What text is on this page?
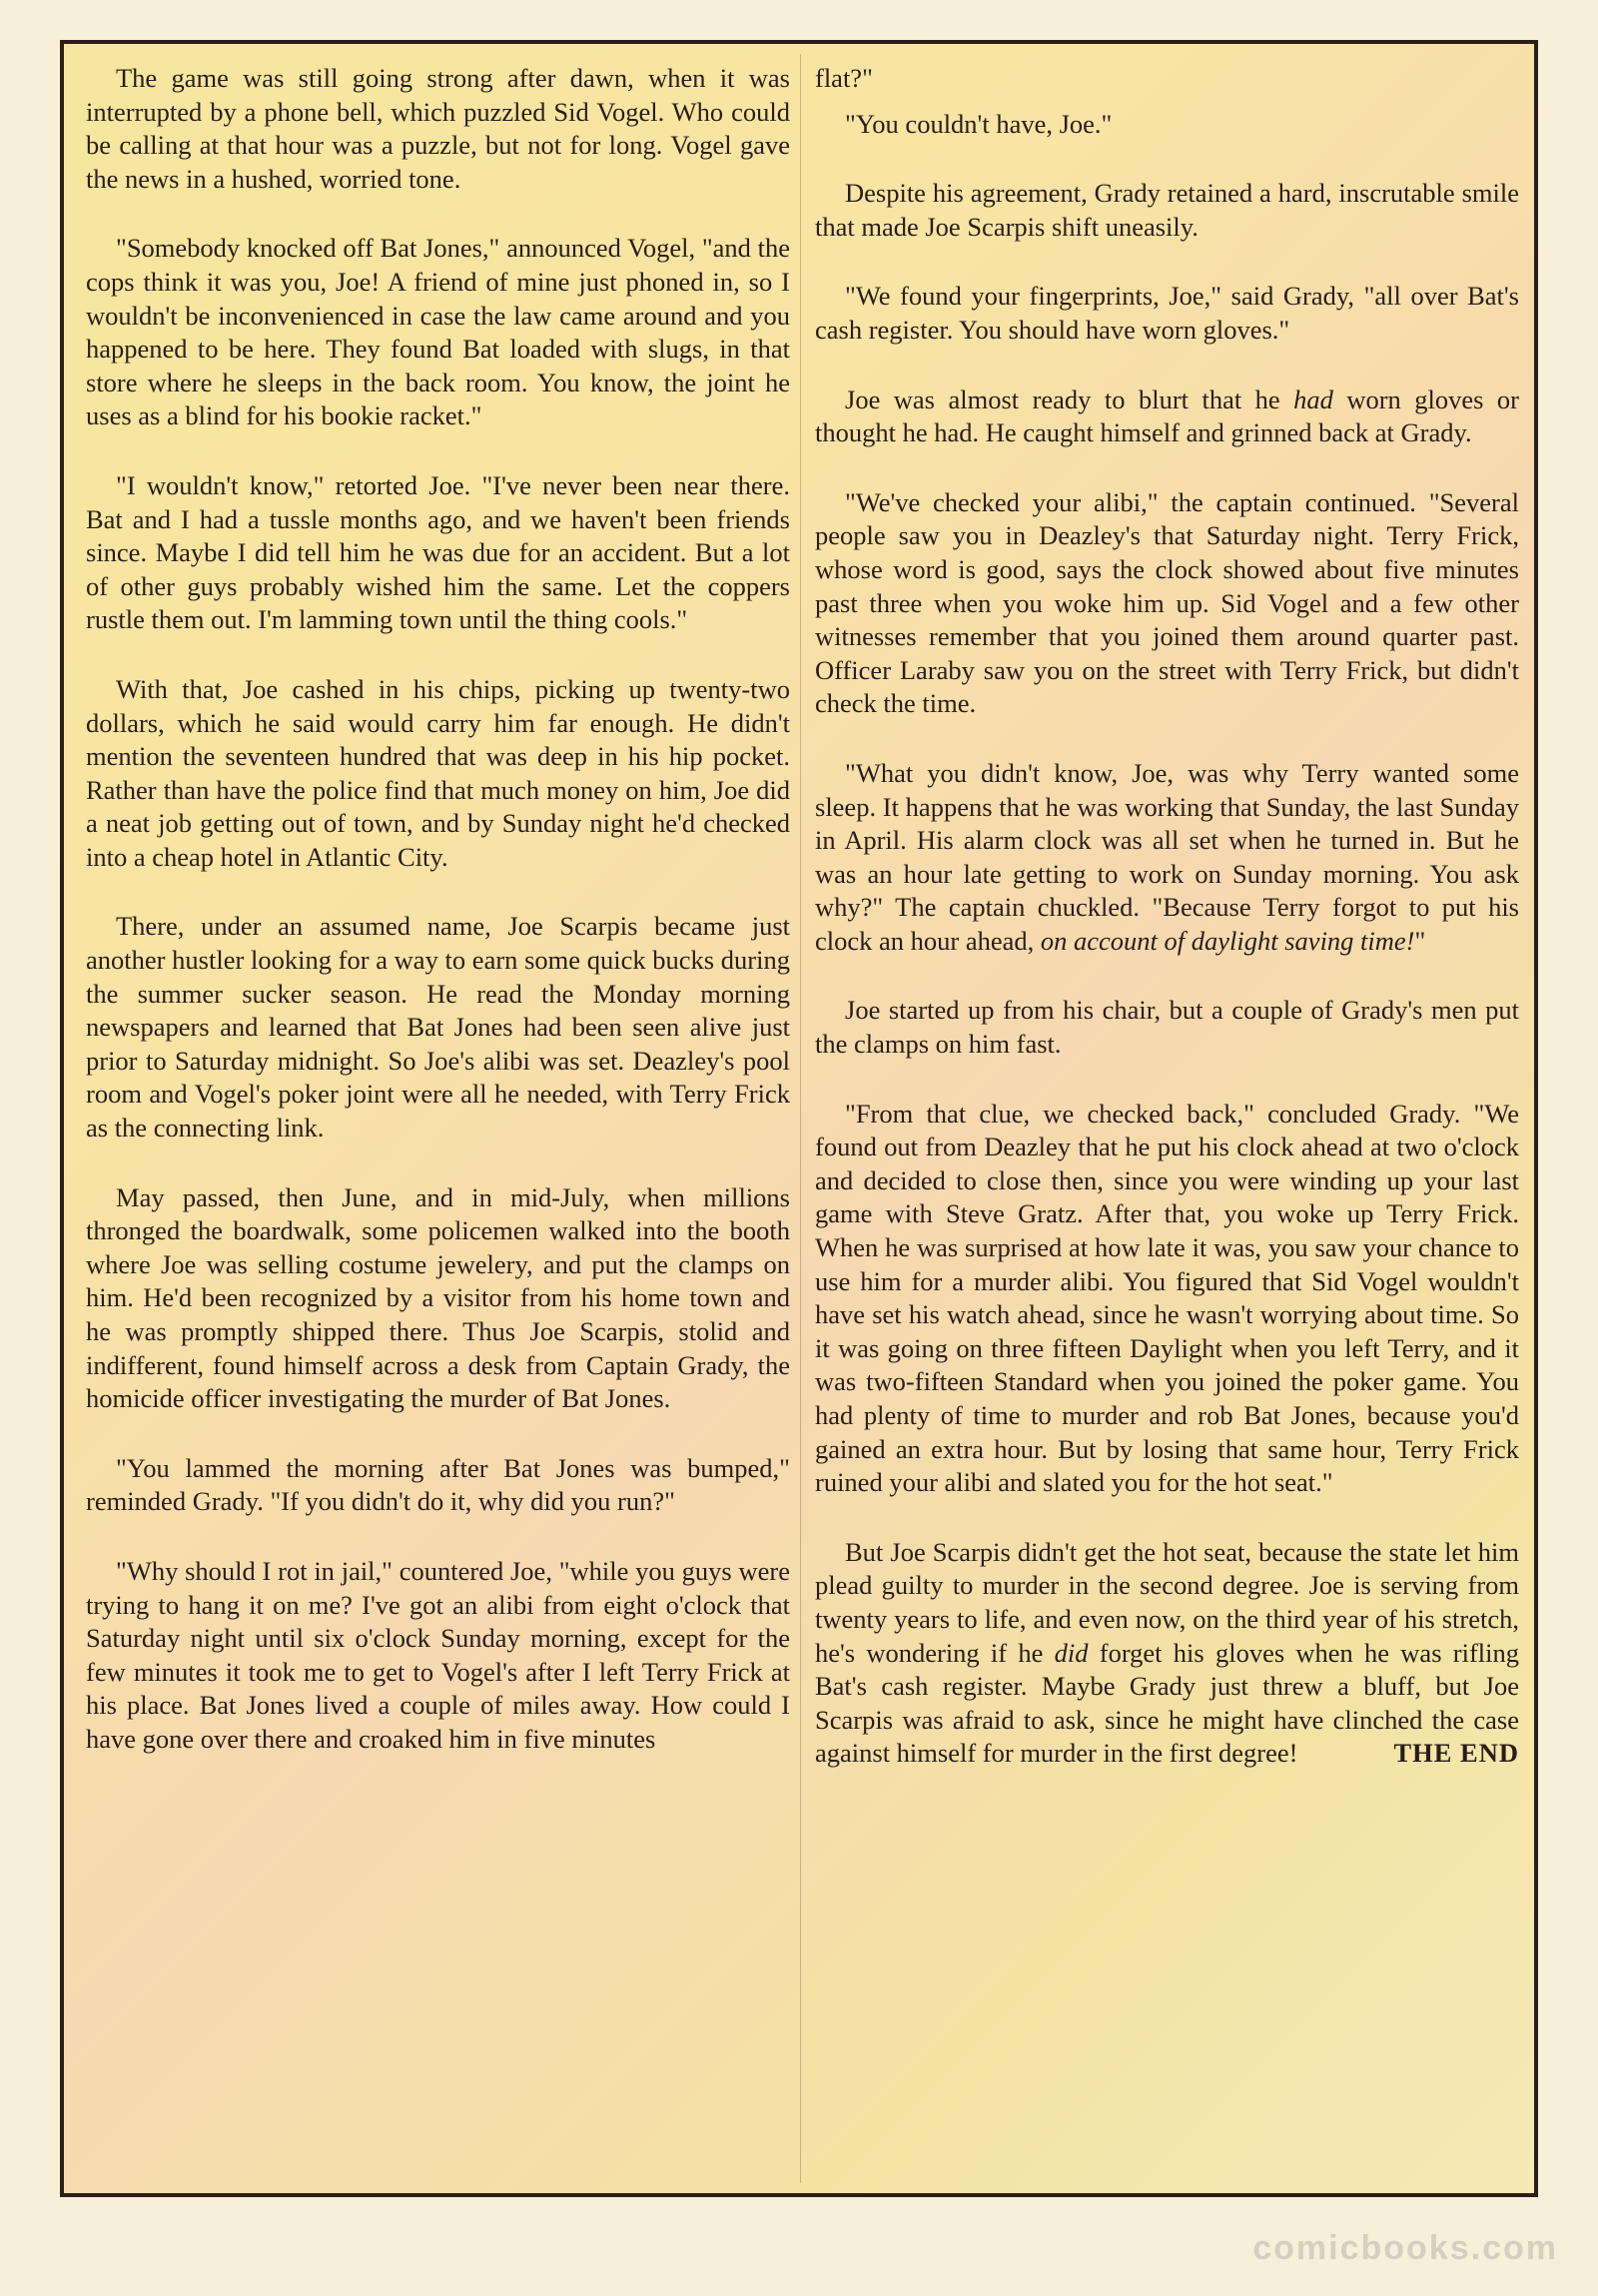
The game was still going strong after dawn, when it was interrupted by a phone bell, which puzzled Sid Vogel. Who could be calling at that hour was a puzzle, but not for long. Vogel gave the news in a hushed, worried tone.

"Somebody knocked off Bat Jones," announced Vogel, "and the cops think it was you, Joe! A friend of mine just phoned in, so I wouldn't be inconvenienced in case the law came around and you happened to be here. They found Bat loaded with slugs, in that store where he sleeps in the back room. You know, the joint he uses as a blind for his bookie racket."

"I wouldn't know," retorted Joe. "I've never been near there. Bat and I had a tussle months ago, and we haven't been friends since. Maybe I did tell him he was due for an accident. But a lot of other guys probably wished him the same. Let the coppers rustle them out. I'm lamming town until the thing cools."

With that, Joe cashed in his chips, picking up twenty-two dollars, which he said would carry him far enough. He didn't mention the seventeen hundred that was deep in his hip pocket. Rather than have the police find that much money on him, Joe did a neat job getting out of town, and by Sunday night he'd checked into a cheap hotel in Atlantic City.

There, under an assumed name, Joe Scarpis became just another hustler looking for a way to earn some quick bucks during the summer sucker season. He read the Monday morning newspapers and learned that Bat Jones had been seen alive just prior to Saturday midnight. So Joe's alibi was set. Deazley's pool room and Vogel's poker joint were all he needed, with Terry Frick as the connecting link.

May passed, then June, and in mid-July, when millions thronged the boardwalk, some policemen walked into the booth where Joe was selling costume jewelery, and put the clamps on him. He'd been recognized by a visitor from his home town and he was promptly shipped there. Thus Joe Scarpis, stolid and indifferent, found himself across a desk from Captain Grady, the homicide officer investigating the murder of Bat Jones.

"You lammed the morning after Bat Jones was bumped," reminded Grady. "If you didn't do it, why did you run?"

"Why should I rot in jail," countered Joe, "while you guys were trying to hang it on me? I've got an alibi from eight o'clock that Saturday night until six o'clock Sunday morning, except for the few minutes it took me to get to Vogel's after I left Terry Frick at his place. Bat Jones lived a couple of miles away. How could I have gone over there and croaked him in five minutes

flat?"

"You couldn't have, Joe."

Despite his agreement, Grady retained a hard, inscrutable smile that made Joe Scarpis shift uneasily.

"We found your fingerprints, Joe," said Grady, "all over Bat's cash register. You should have worn gloves."

Joe was almost ready to blurt that he had worn gloves or thought he had. He caught himself and grinned back at Grady.

"We've checked your alibi," the captain continued. "Several people saw you in Deazley's that Saturday night. Terry Frick, whose word is good, says the clock showed about five minutes past three when you woke him up. Sid Vogel and a few other witnesses remember that you joined them around quarter past. Officer Laraby saw you on the street with Terry Frick, but didn't check the time.

"What you didn't know, Joe, was why Terry wanted some sleep. It happens that he was working that Sunday, the last Sunday in April. His alarm clock was all set when he turned in. But he was an hour late getting to work on Sunday morning. You ask why?" The captain chuckled. "Because Terry forgot to put his clock an hour ahead, on account of daylight saving time!"

Joe started up from his chair, but a couple of Grady's men put the clamps on him fast.

"From that clue, we checked back," concluded Grady. "We found out from Deazley that he put his clock ahead at two o'clock and decided to close then, since you were winding up your last game with Steve Gratz. After that, you woke up Terry Frick. When he was surprised at how late it was, you saw your chance to use him for a murder alibi. You figured that Sid Vogel wouldn't have set his watch ahead, since he wasn't worrying about time. So it was going on three fifteen Daylight when you left Terry, and it was two-fifteen Standard when you joined the poker game. You had plenty of time to murder and rob Bat Jones, because you'd gained an extra hour. But by losing that same hour, Terry Frick ruined your alibi and slated you for the hot seat."

But Joe Scarpis didn't get the hot seat, because the state let him plead guilty to murder in the second degree. Joe is serving from twenty years to life, and even now, on the third year of his stretch, he's wondering if he did forget his gloves when he was rifling Bat's cash register. Maybe Grady just threw a bluff, but Joe Scarpis was afraid to ask, since he might have clinched the case against himself for murder in the first degree!	THE END
comicbooks.com
